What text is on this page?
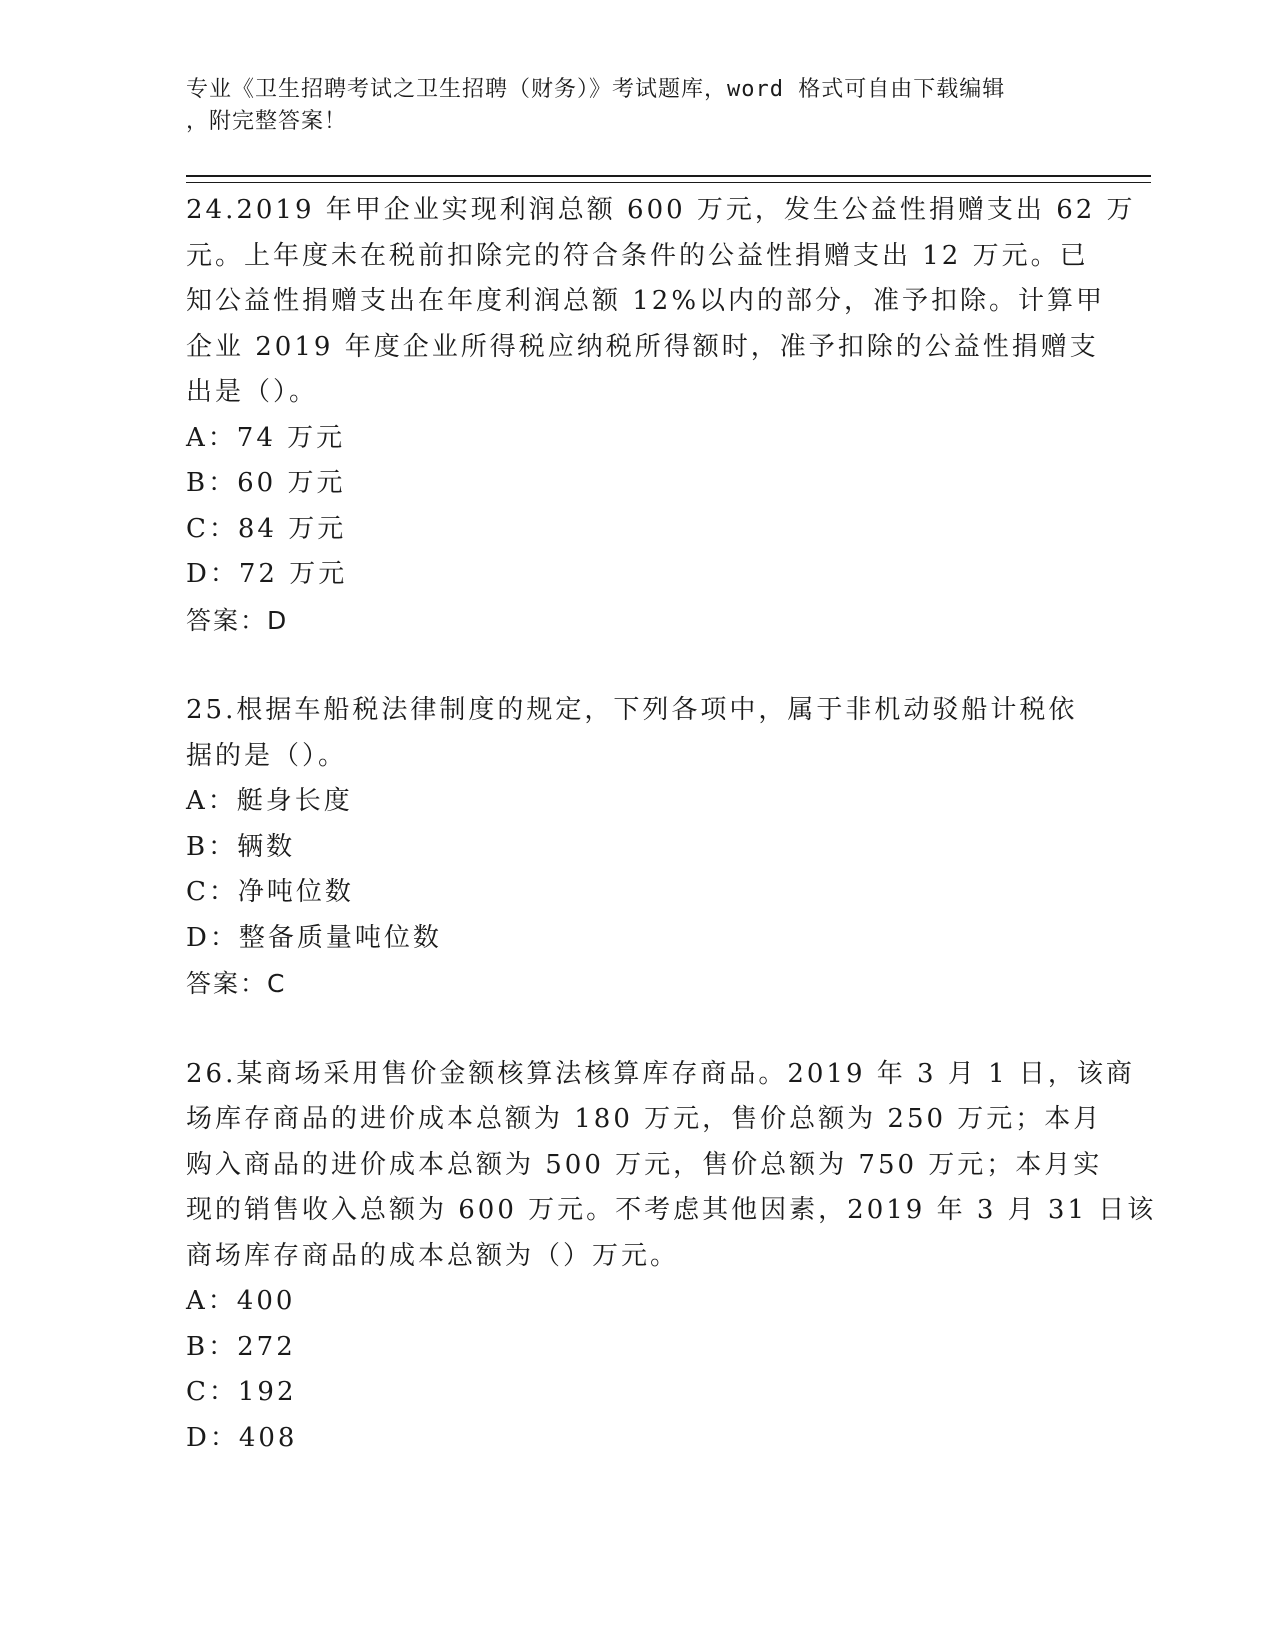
专业《卫生招聘考试之卫生招聘（财务）》考试题库，word 格式可自由下载编辑
，附完整答案！
24.2019 年甲企业实现利润总额 600 万元，发生公益性捐赠支出 62 万
元。上年度未在税前扣除完的符合条件的公益性捐赠支出 12 万元。已
知公益性捐赠支出在年度利润总额 12%以内的部分，准予扣除。计算甲
企业 2019 年度企业所得税应纳税所得额时，准予扣除的公益性捐赠支
出是（）。
A：74 万元
B：60 万元
C：84 万元
D：72 万元
答案：D
25.根据车船税法律制度的规定，下列各项中，属于非机动驳船计税依
据的是（）。
A：艇身长度
B：辆数
C：净吨位数
D：整备质量吨位数
答案：C
26.某商场采用售价金额核算法核算库存商品。2019 年 3 月 1 日，该商
场库存商品的进价成本总额为 180 万元，售价总额为 250 万元；本月
购入商品的进价成本总额为 500 万元，售价总额为 750 万元；本月实
现的销售收入总额为 600 万元。不考虑其他因素，2019 年 3 月 31 日该
商场库存商品的成本总额为（）万元。
A：400
B：272
C：192
D：408
